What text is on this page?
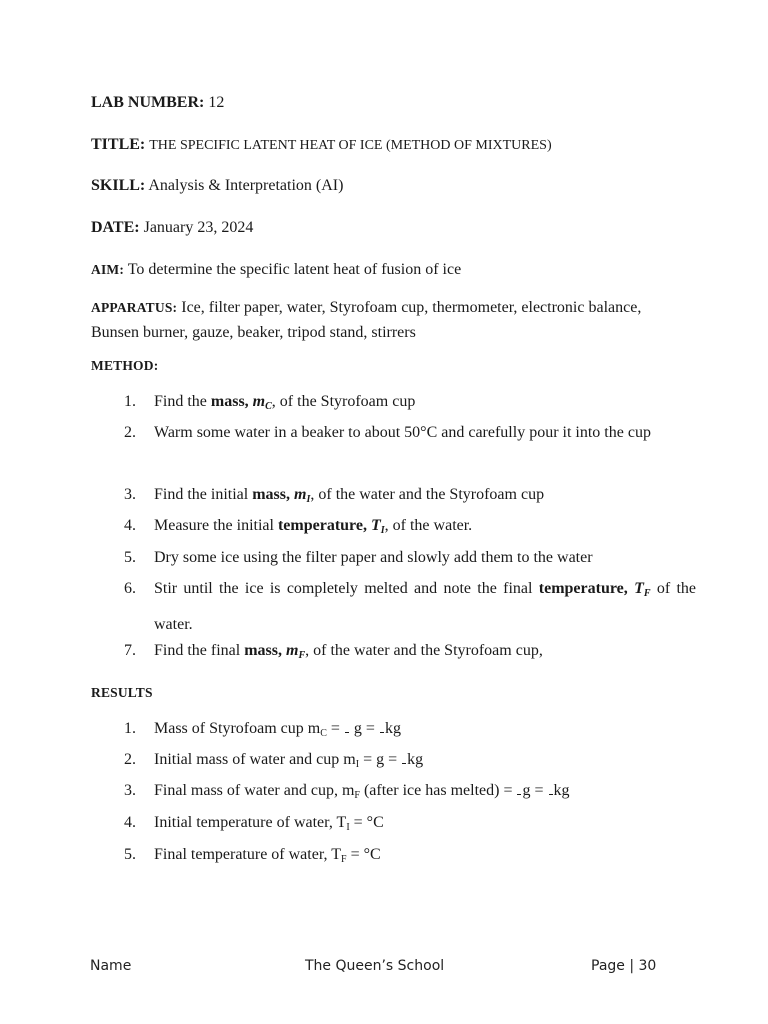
LAB NUMBER: 12
TITLE: THE SPECIFIC LATENT HEAT OF ICE (METHOD OF MIXTURES)
SKILL: Analysis & Interpretation (AI)
DATE: January 23, 2024
AIM: To determine the specific latent heat of fusion of ice
APPARATUS: Ice, filter paper, water, Styrofoam cup, thermometer, electronic balance, Bunsen burner, gauze, beaker, tripod stand, stirrers
METHOD:
1. Find the mass, $m_C$, of the Styrofoam cup
2. Warm some water in a beaker to about 50°C and carefully pour it into the cup
3. Find the initial mass, $m_I$, of the water and the Styrofoam cup
4. Measure the initial temperature, $T_I$, of the water.
5. Dry some ice using the filter paper and slowly add them to the water
6. Stir until the ice is completely melted and note the final temperature, $T_F$ of the water.
7. Find the final mass, $m_F$, of the water and the Styrofoam cup,
RESULTS
1. Mass of Styrofoam cup $m_C = g$ = kg
2. Initial mass of water and cup $m_I = g$ = kg
3. Final mass of water and cup, $m_F$ (after ice has melted) = g = kg
4. Initial temperature of water, $T_I = ^\circ C$
5. Final temperature of water, $T_F = ^\circ C$
Name	The Queen’s School	Page | 30
